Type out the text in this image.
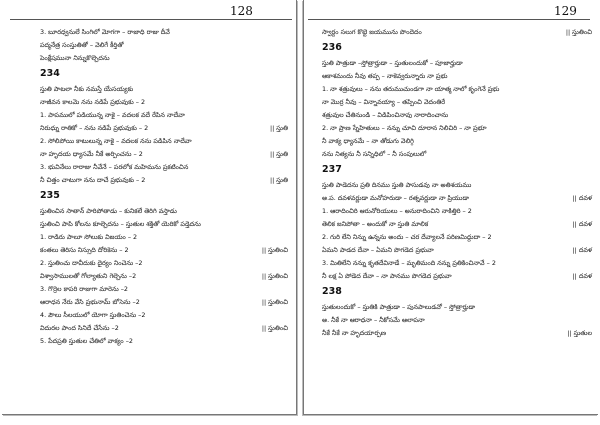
128
3. బూరధ్వనులే సింగిలో మోగగా – రాజాధి రాజు దీవే
పద్మనేత్ర సంస్తుతితో – వెలిగే కీర్తితో
పెంక్షేషమునా నిన్నుకొల్చెదను
234
స్తుతి పాటలా నీకు నమస్తే యేసయ్యకు
నాజీవన కాలమె నను నడిపే ప్రభువుకు – 2
1. పాపములో పడియున్న నాకై – వదలక వదే రేపిన నాదేవా
నిరుధ్ను రాతికో – నను నడిపే ప్రభువుకు – 2	|| స్తుతి
2. సోలిపోయి కాటులున్న నాకై – వదలక నను పడిపిన నాదేవా
నా హృదయ ధ్యాసమే నీకే అర్పించను – 2	|| స్తుతి
3. భువినేలు రారాజు నీవేనే – పరలోక మహిమను ప్రకటించిన
నీ చిత్తం చాటుగా నను దాచే ప్రభువుకు – 2	|| స్తుతి
235
స్తుతించిన సాతాన్ పారిపోతాడు – కునికలే తెరిగి వస్తాడు
స్తుతించి పాపి కోలను కూల్చెదను – స్తుతుల శక్తితో యెరికో పడ్తెదను
1. రాడిరు పాలూ సోలుకు విజయం – 2
కంతలు తెరిసు నిస్సుది దోరికెను – 2	|| స్తుతించి
2. స్తుతించు దావీదుకు దైర్యం నించెను –2
విశ్వాసాములతో గోల్యాతుని గెల్చెను –2	|| స్తుతించి
3. గొర్రెల కాపరి రాజుగా మారెను –2
ఆరాధన నేరు వేసి ప్రభునామ్ బోసెను –2	|| స్తుతించి
4. పౌలు సీలయులో యోగా స్తుతించెను –2
విదురల పాంద సినిదే చేసేను –2	|| స్తుతించి
5. పేదప్రతి స్తుతుల చేతిలో వాక్యం –2
129
స్వార్దం సలుగ కొట్టె జయమును పొందెదం	|| స్తుతించి
236
స్తుతి పాత్రుడా –స్తోత్రార్హుడా – స్తుతులందుకో – పూజార్హుడా
ఆకాశమందు నీవు తప్ప – నాకెవ్వరున్నారు నా ప్రభు
1. నా శత్రువులు – నను తరుముచుండగా నా యాత్మ నాలో కృంగెనే ప్రభు
నా మొర్ర నీవు – విన్నావయ్యా – తప్పించి వెదంతిరే
శత్రువుల చేతినుండి – విడిపించినావు నారాదించాను
2. నా ప్రాణ స్నేహితులు – నన్ను చూచి దూరాన నిలిచిరి – నా ప్రభూ
నీ వాక్య ధ్యానమే – నా తోడుగు వెలిగ్గి
నను నిత్యను నీ సన్నిధిలో – నీ సంపులులో
237
స్తుతి పాడెదను ప్రతి దినము స్తుతి పాసుడవు నా అతిశయము
అ.ప. దవళవర్ణుడా మనోహరుడా – రత్నవర్ణుడా నా ప్రియుడా	|| దవళ
1. ఆరాదించిరి ఆరునోరియులు – అనురాదించిని నాకిత్తిరి – 2
తెలిక జనిపోతా – అందుకో నా స్తుతి మాలిక	|| దవళ
2. గురి లేని నిన్ను ఉన్నను అందు – చర దేవ్యాలనే పరిణమిద్దుదా – 2
ఏమని పాడద దేవా – ఏమని పొగడెద ప్రభువా	|| దవళ
3. మితిలేని నన్ను కృతదేవినాడే – మృతిమంది నన్ను ప్రతికించినావే – 2
నీ లక్ష ఏ పోడెద దేవా – నా పానము పొగడెద ప్రభువా	|| దవళ
238
స్తుతులందుకో – స్తుతికి పాత్రుడా – పునపాలుడవో – స్తోత్రార్హుడా
అ. నీకే నా ఆరాధనా – నీకోసమే ఆలాపనా
నీకే నీకే నా హృదయార్పణ	|| స్తుతుల
